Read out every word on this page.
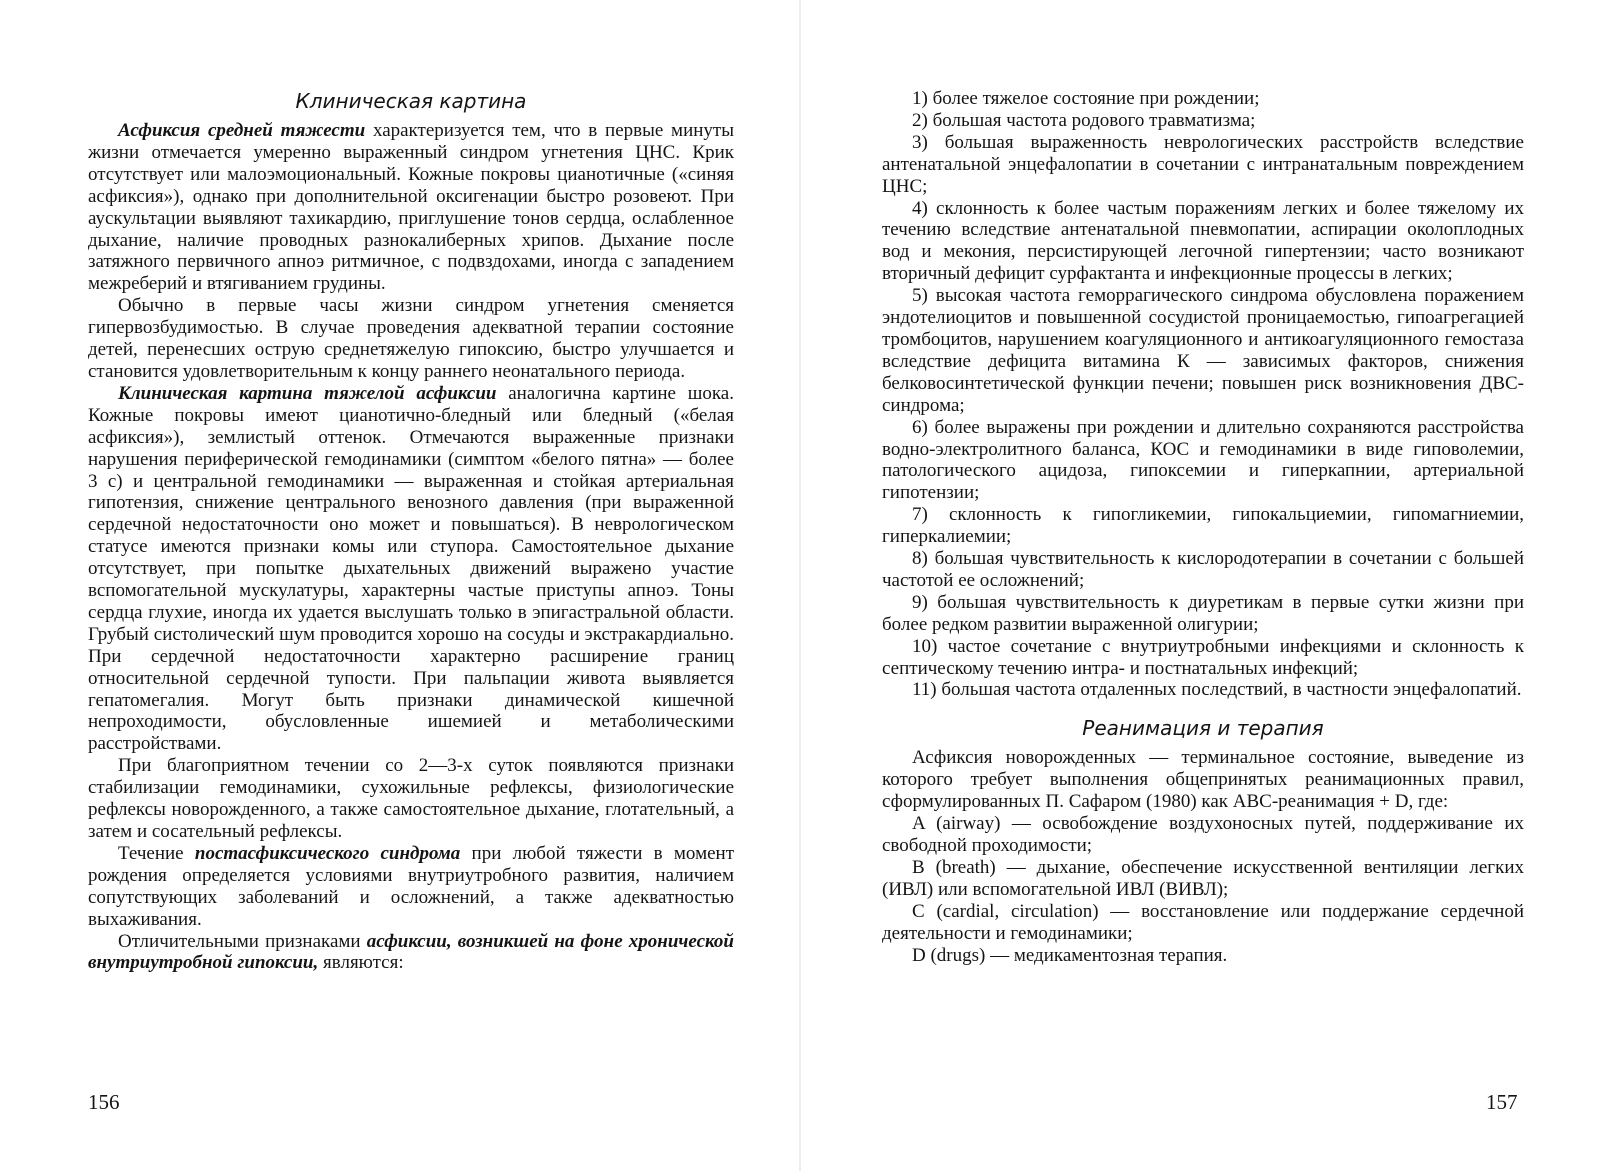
Клиническая картина

Асфиксия средней тяжести характеризуется тем, что в первые минуты жизни отмечается умеренно выраженный синдром угнетения ЦНС. Крик отсутствует или малоэмоциональный. Кожные покровы цианотичные («синяя асфиксия»), однако при дополнительной оксигенации быстро розовеют. При аускультации выявляют тахикардию, приглушение тонов сердца, ослабленное дыхание, наличие проводных разнокалиберных хрипов. Дыхание после затяжного первичного апноэ ритмичное, с подвздохами, иногда с западением межреберий и втягиванием грудины.

Обычно в первые часы жизни синдром угнетения сменяется гипервозбудимостью. В случае проведения адекватной терапии состояние детей, перенесших острую среднетяжелую гипоксию, быстро улучшается и становится удовлетворительным к концу раннего неонатального периода.

Клиническая картина тяжелой асфиксии аналогична картине шока. Кожные покровы имеют цианотично-бледный или бледный («белая асфиксия»), землистый оттенок. Отмечаются выраженные признаки нарушения периферической гемодинамики (симптом «белого пятна» — более 3 с) и центральной гемодинамики — выраженная и стойкая артериальная гипотензия, снижение центрального венозного давления (при выраженной сердечной недостаточности оно может и повышаться). В неврологическом статусе имеются признаки комы или ступора. Самостоятельное дыхание отсутствует, при попытке дыхательных движений выражено участие вспомогательной мускулатуры, характерны частые приступы апноэ. Тоны сердца глухие, иногда их удается выслушать только в эпигастральной области. Грубый систолический шум проводится хорошо на сосуды и экстракардиально. При сердечной недостаточности характерно расширение границ относительной сердечной тупости. При пальпации живота выявляется гепатомегалия. Могут быть признаки динамической кишечной непроходимости, обусловленные ишемией и метаболическими расстройствами.

При благоприятном течении со 2—3-х суток появляются признаки стабилизации гемодинамики, сухожильные рефлексы, физиологические рефлексы новорожденного, а также самостоятельное дыхание, глотательный, а затем и сосательный рефлексы.

Течение постасфиксического синдрома при любой тяжести в момент рождения определяется условиями внутриутробного развития, наличием сопутствующих заболеваний и осложнений, а также адекватностью выхаживания.

Отличительными признаками асфиксии, возникшей на фоне хронической внутриутробной гипоксии, являются:

156

1) более тяжелое состояние при рождении;

2) большая частота родового травматизма;

3) большая выраженность неврологических расстройств вследствие антенатальной энцефалопатии в сочетании с интранатальным повреждением ЦНС;

4) склонность к более частым поражениям легких и более тяжелому их течению вследствие антенатальной пневмопатии, аспирации околоплодных вод и мекония, персистирующей легочной гипертензии; часто возникают вторичный дефицит сурфактанта и инфекционные процессы в легких;

5) высокая частота геморрагического синдрома обусловлена поражением эндотелиоцитов и повышенной сосудистой проницаемостью, гипоагрегацией тромбоцитов, нарушением коагуляционного и антикоагуляционного гемостаза вследствие дефицита витамина К — зависимых факторов, снижения белковосинтетической функции печени; повышен риск возникновения ДВС-синдрома;

6) более выражены при рождении и длительно сохраняются расстройства водно-электролитного баланса, КОС и гемодинамики в виде гиповолемии, патологического ацидоза, гипоксемии и гиперкапнии, артериальной гипотензии;

7) склонность к гипогликемии, гипокальциемии, гипомагниемии, гиперкалиемии;

8) большая чувствительность к кислородотерапии в сочетании с большей частотой ее осложнений;

9) большая чувствительность к диуретикам в первые сутки жизни при более редком развитии выраженной олигурии;

10) частое сочетание с внутриутробными инфекциями и склонность к септическому течению интра- и постнатальных инфекций;

11) большая частота отдаленных последствий, в частности энцефалопатий.

Реанимация и терапия

Асфиксия новорожденных — терминальное состояние, выведение из которого требует выполнения общепринятых реанимационных правил, сформулированных П. Сафаром (1980) как АВС-реанимация + D, где:

A (airway) — освобождение воздухоносных путей, поддерживание их свободной проходимости;

B (breath) — дыхание, обеспечение искусственной вентиляции легких (ИВЛ) или вспомогательной ИВЛ (ВИВЛ);

C (cardial, circulation) — восстановление или поддержание сердечной деятельности и гемодинамики;

D (drugs) — медикаментозная терапия.

157
